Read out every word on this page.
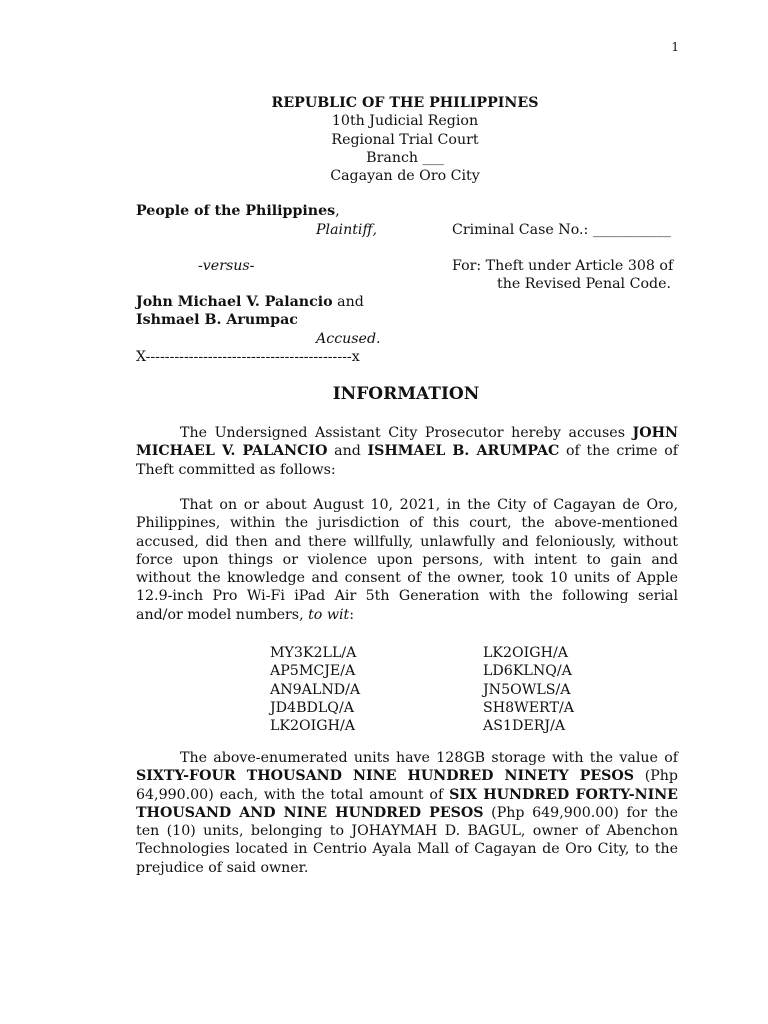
1
REPUBLIC OF THE PHILIPPINES
10th Judicial Region
Regional Trial Court
Branch ___
Cagayan de Oro City
People of the Philippines,
Plaintiff,	Criminal Case No.: ___________
-versus-	For: Theft under Article 308 of
the Revised Penal Code.
John Michael V. Palancio and
Ishmael B. Arumpac
Accused.
X-------------------------------------------x
INFORMATION
The Undersigned Assistant City Prosecutor hereby accuses JOHN MICHAEL V. PALANCIO and ISHMAEL B. ARUMPAC of the crime of Theft committed as follows:
That on or about August 10, 2021, in the City of Cagayan de Oro, Philippines, within the jurisdiction of this court, the above-mentioned accused, did then and there willfully, unlawfully and feloniously, without force upon things or violence upon persons, with intent to gain and without the knowledge and consent of the owner, took 10 units of Apple 12.9-inch Pro Wi-Fi iPad Air 5th Generation with the following serial and/or model numbers, to wit:
MY3K2LL/A	LK2OIGH/A
AP5MCJE/A	LD6KLNQ/A
AN9ALND/A	JN5OWLS/A
JD4BDLQ/A	SH8WERT/A
LK2OIGH/A	AS1DERJ/A
The above-enumerated units have 128GB storage with the value of SIXTY-FOUR THOUSAND NINE HUNDRED NINETY PESOS (Php 64,990.00) each, with the total amount of SIX HUNDRED FORTY-NINE THOUSAND AND NINE HUNDRED PESOS (Php 649,900.00) for the ten (10) units, belonging to JOHAYMAH D. BAGUL, owner of Abenchon Technologies located in Centrio Ayala Mall of Cagayan de Oro City, to the prejudice of said owner.
